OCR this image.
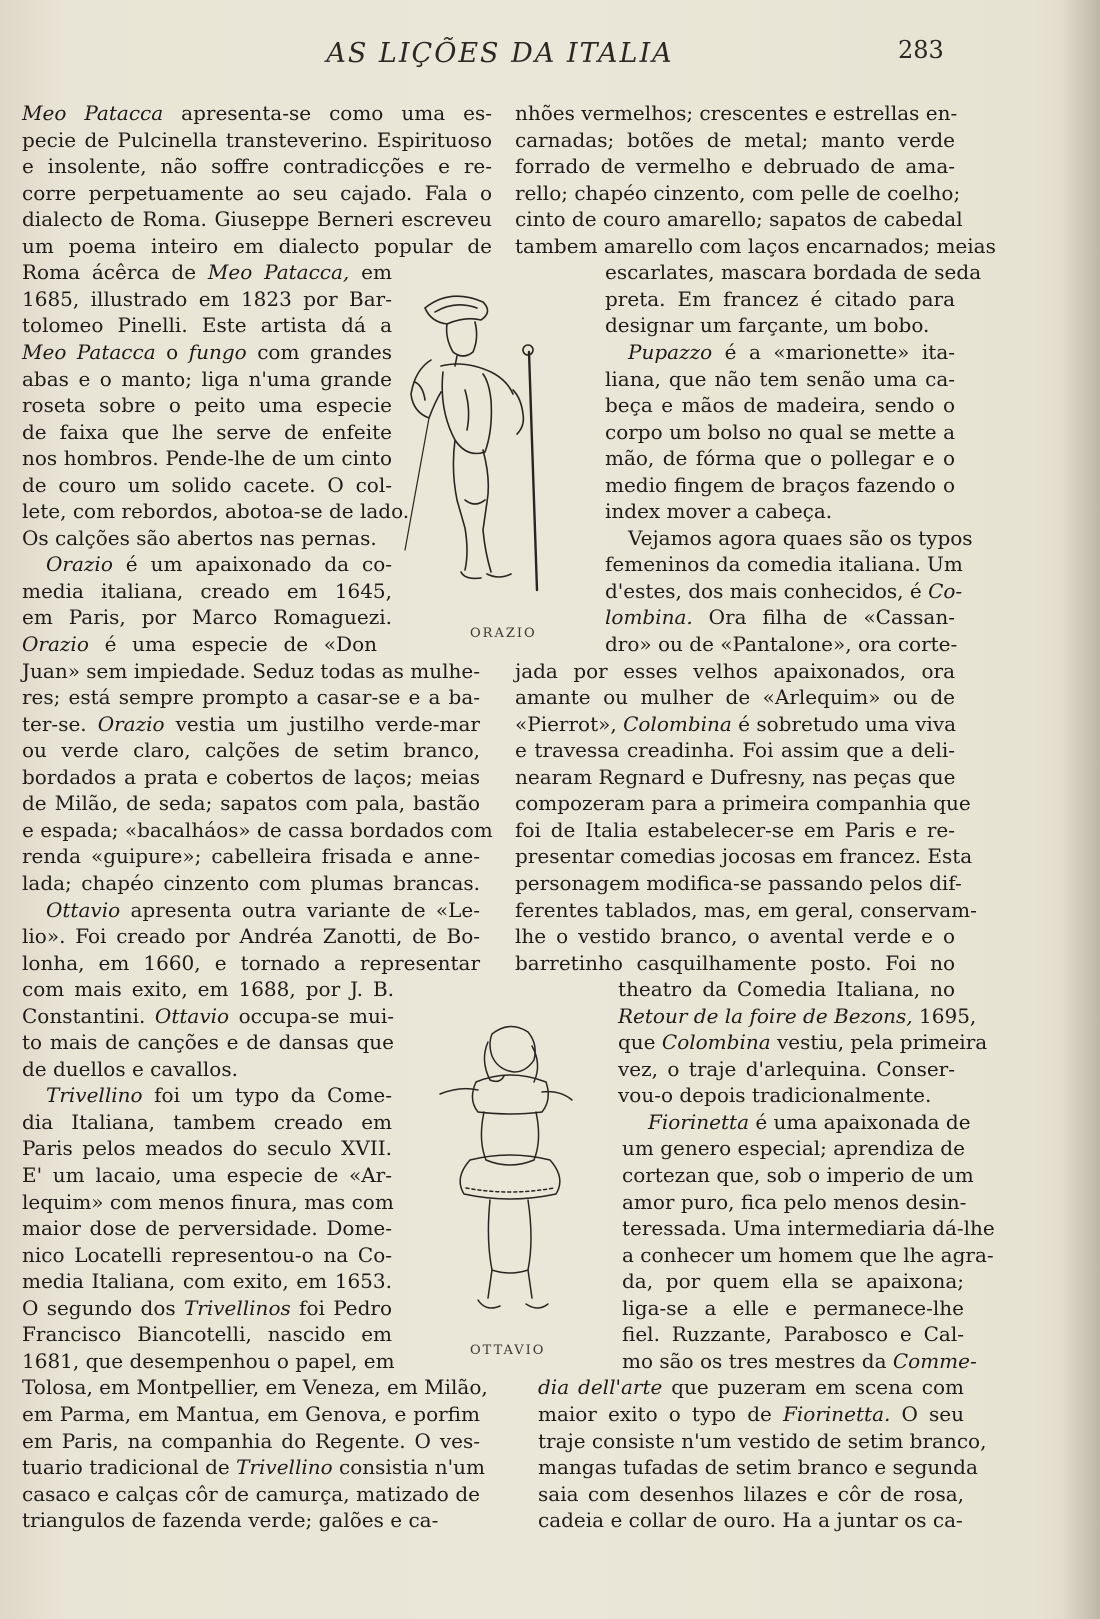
AS LIÇÕES DA ITALIA	283
Meo Patacca apresenta-se como uma es-
pecie de Pulcinella transteverino. Espirituoso
e insolente, não soffre contradicções e re-
corre perpetuamente ao seu cajado. Fala o
dialecto de Roma. Giuseppe Berneri escreveu
um poema inteiro em dialecto popular de
Roma ácêrca de Meo Patacca, em
1685, illustrado em 1823 por Bar-
tolomeo Pinelli. Este artista dá a
Meo Patacca o fungo com grandes
abas e o manto; liga n'uma grande
roseta sobre o peito uma especie
de faixa que lhe serve de enfeite
nos hombros. Pende-lhe de um cinto
de couro um solido cacete. O col-
lete, com rebordos, abotoa-se de lado.
Os calções são abertos nas pernas.
Orazio é um apaixonado da co-
media italiana, creado em 1645,
em Paris, por Marco Romaguezi.
Orazio é uma especie de «Don
Juan» sem impiedade. Seduz todas as mulhe-
res; está sempre prompto a casar-se e a ba-
ter-se. Orazio vestia um justilho verde-mar
ou verde claro, calções de setim branco,
bordados a prata e cobertos de laços; meias
de Milão, de seda; sapatos com pala, bastão
e espada; «bacalháos» de cassa bordados com
renda «guipure»; cabelleira frisada e anne-
lada; chapéo cinzento com plumas brancas.
Ottavio apresenta outra variante de «Le-
lio». Foi creado por Andréa Zanotti, de Bo-
lonha, em 1660, e tornado a representar
com mais exito, em 1688, por J. B.
Constantini. Ottavio occupa-se mui-
to mais de canções e de dansas que
de duellos e cavallos.
Trivellino foi um typo da Come-
dia Italiana, tambem creado em
Paris pelos meados do seculo XVII.
E' um lacaio, uma especie de «Ar-
lequim» com menos finura, mas com
maior dose de perversidade. Dome-
nico Locatelli representou-o na Co-
media Italiana, com exito, em 1653.
O segundo dos Trivellinos foi Pedro
Francisco Biancotelli, nascido em
1681, que desempenhou o papel, em
Tolosa, em Montpellier, em Veneza, em Milão,
em Parma, em Mantua, em Genova, e porfim
em Paris, na companhia do Regente. O ves-
tuario tradicional de Trivellino consistia n'um
casaco e calças côr de camurça, matizado de
triangulos de fazenda verde; galões e ca-
nhões vermelhos; crescentes e estrellas en-
carnadas; botões de metal; manto verde
forrado de vermelho e debruado de ama-
rello; chapéo cinzento, com pelle de coelho;
cinto de couro amarello; sapatos de cabedal
tambem amarello com laços encarnados; meias
escarlates, mascara bordada de seda
preta. Em francez é citado para
designar um farçante, um bobo.
Pupazzo é a «marionette» ita-
liana, que não tem senão uma ca-
beça e mãos de madeira, sendo o
corpo um bolso no qual se mette a
mão, de fórma que o pollegar e o
medio fingem de braços fazendo o
index mover a cabeça.
Vejamos agora quaes são os typos
femeninos da comedia italiana. Um
d'estes, dos mais conhecidos, é Co-
lombina. Ora filha de «Cassan-
dro» ou de «Pantalone», ora corte-
jada por esses velhos apaixonados, ora
amante ou mulher de «Arlequim» ou de
«Pierrot», Colombina é sobretudo uma viva
e travessa creadinha. Foi assim que a deli-
nearam Regnard e Dufresny, nas peças que
compozeram para a primeira companhia que
foi de Italia estabelecer-se em Paris e re-
presentar comedias jocosas em francez. Esta
personagem modifica-se passando pelos dif-
ferentes tablados, mas, em geral, conservam-
lhe o vestido branco, o avental verde e o
barretinho casquilhamente posto. Foi no
theatro da Comedia Italiana, no
Retour de la foire de Bezons, 1695,
que Colombina vestiu, pela primeira
vez, o traje d'arlequina. Conser-
vou-o depois tradicionalmente.
Fiorinetta é uma apaixonada de
um genero especial; aprendiza de
cortezan que, sob o imperio de um
amor puro, fica pelo menos desin-
teressada. Uma intermediaria dá-lhe
a conhecer um homem que lhe agra-
da, por quem ella se apaixona;
liga-se a elle e permanece-lhe
fiel. Ruzzante, Parabosco e Cal-
mo são os tres mestres da Comme-
dia dell'arte que puzeram em scena com
maior exito o typo de Fiorinetta. O seu
traje consiste n'um vestido de setim branco,
mangas tufadas de setim branco e segunda
saia com desenhos lilazes e côr de rosa,
cadeia e collar de ouro. Ha a juntar os ca-
ORAZIO
OTTAVIO
